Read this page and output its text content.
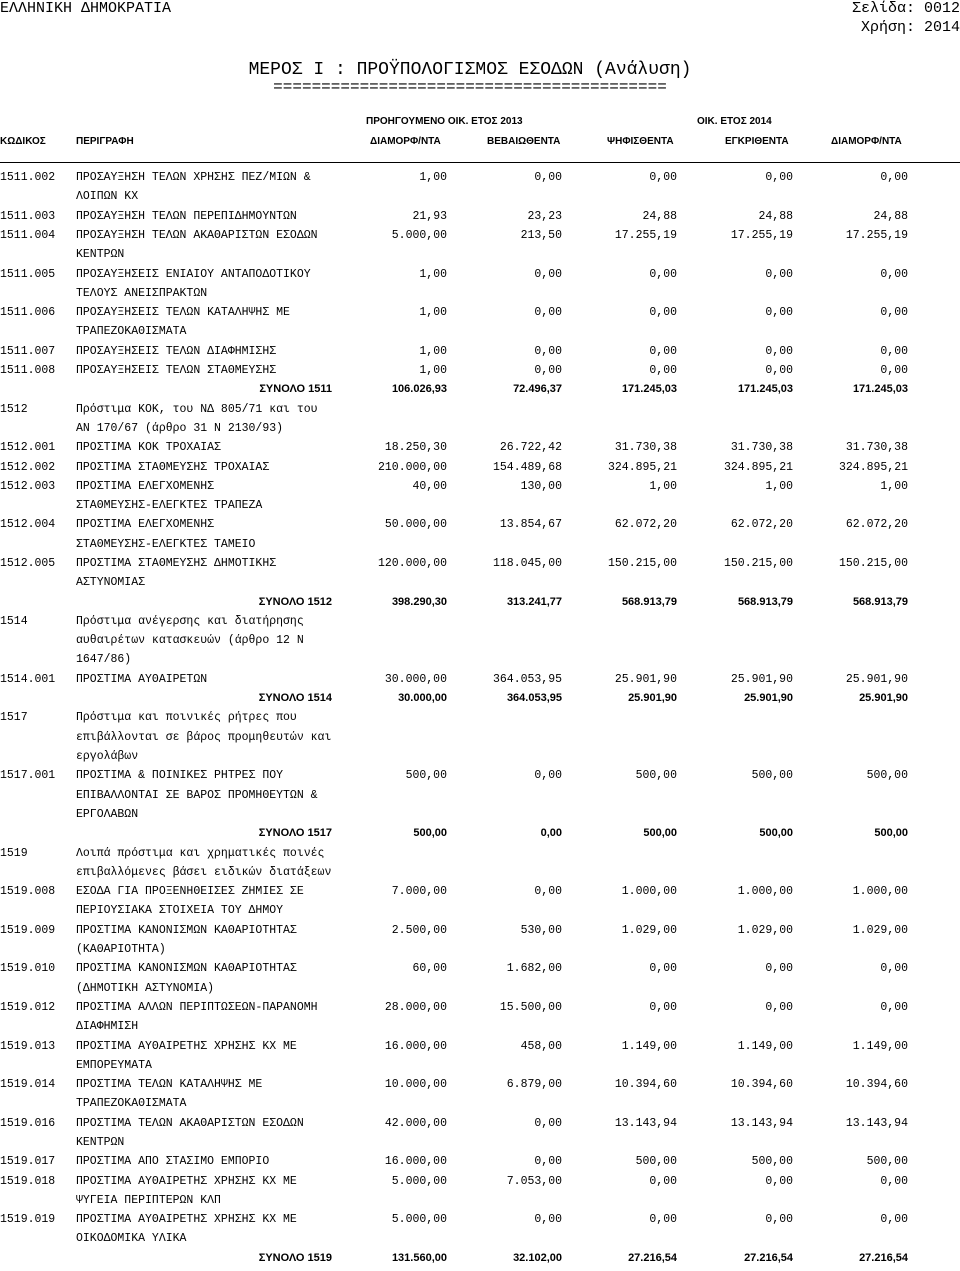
ΕΛΛΗΝΙΚΗ ΔΗΜΟΚΡΑΤΙΑ	Σελίδα: 0012
Χρήση: 2014
ΜΕΡΟΣ Ι : ΠΡΟΫΠΟΛΟΓΙΣΜΟΣ ΕΣΟΔΩΝ (Ανάλυση)
=========================================
ΠΡΟΗΓΟΥΜΕΝΟ ΟΙΚ. ΕΤΟΣ 2013	ΟΙΚ. ΕΤΟΣ 2014
ΚΩΔΙΚΟΣ	ΠΕΡΙΓΡΑΦΗ	ΔΙΑΜΟΡΦ/ΝΤΑ	ΒΕΒΑΙΩΘΕΝΤΑ	ΨΗΦΙΣΘΕΝΤΑ	ΕΓΚΡΙΘΕΝΤΑ	ΔΙΑΜΟΡΦ/ΝΤΑ
1511.002 ΠΡΟΣΑΥΞΗΣΗ ΤΕΛΩΝ ΧΡΗΣΗΣ ΠΕΖ/ΜΙΩΝ &
ΛΟΙΠΩΝ ΚΧ
1,00	0,00	0,00	0,00	0,00
1511.003 ΠΡΟΣΑΥΞΗΣΗ ΤΕΛΩΝ ΠΕΡΕΠΙΔΗΜΟΥΝΤΩΝ	21,93	23,23	24,88	24,88	24,88
1511.004 ΠΡΟΣΑΥΞΗΣΗ ΤΕΛΩΝ ΑΚΑΘΑΡΙΣΤΩΝ ΕΣΟΔΩΝ
ΚΕΝΤΡΩΝ
5.000,00	213,50	17.255,19	17.255,19	17.255,19
1511.005 ΠΡΟΣΑΥΞΗΣΕΙΣ ΕΝΙΑΙΟΥ ΑΝΤΑΠΟΔΟΤΙΚΟΥ
ΤΕΛΟΥΣ ΑΝΕΙΣΠΡΑΚΤΩΝ
1,00	0,00	0,00	0,00	0,00
1511.006 ΠΡΟΣΑΥΞΗΣΕΙΣ ΤΕΛΩΝ ΚΑΤΑΛΗΨΗΣ ΜΕ
ΤΡΑΠΕΖΟΚΑΘΙΣΜΑΤΑ
1,00	0,00	0,00	0,00	0,00
1511.007 ΠΡΟΣΑΥΞΗΣΕΙΣ ΤΕΛΩΝ ΔΙΑΦΗΜΙΣΗΣ	1,00	0,00	0,00	0,00	0,00
1511.008 ΠΡΟΣΑΥΞΗΣΕΙΣ ΤΕΛΩΝ ΣΤΑΘΜΕΥΣΗΣ	1,00	0,00	0,00	0,00	0,00
ΣΥΝΟΛΟ 1511	106.026,93	72.496,37	171.245,03	171.245,03	171.245,03
1512	Πρόστιμα ΚΟΚ, του ΝΔ 805/71 και του
ΑΝ 170/67 (άρθρο 31 Ν 2130/93)
1512.001 ΠΡΟΣΤΙΜΑ ΚΟΚ ΤΡΟΧΑΙΑΣ	18.250,30	26.722,42	31.730,38	31.730,38	31.730,38
1512.002 ΠΡΟΣΤΙΜΑ ΣΤΑΘΜΕΥΣΗΣ ΤΡΟΧΑΙΑΣ	210.000,00	154.489,68	324.895,21	324.895,21	324.895,21
1512.003 ΠΡΟΣΤΙΜΑ ΕΛΕΓΧΟΜΕΝΗΣ
ΣΤΑΘΜΕΥΣΗΣ-ΕΛΕΓΚΤΕΣ ΤΡΑΠΕΖΑ
40,00	130,00	1,00	1,00	1,00
1512.004 ΠΡΟΣΤΙΜΑ ΕΛΕΓΧΟΜΕΝΗΣ
ΣΤΑΘΜΕΥΣΗΣ-ΕΛΕΓΚΤΕΣ ΤΑΜΕΙΟ
50.000,00	13.854,67	62.072,20	62.072,20	62.072,20
1512.005 ΠΡΟΣΤΙΜΑ ΣΤΑΘΜΕΥΣΗΣ ΔΗΜΟΤΙΚΗΣ
ΑΣΤΥΝΟΜΙΑΣ
120.000,00	118.045,00	150.215,00	150.215,00	150.215,00
ΣΥΝΟΛΟ 1512	398.290,30	313.241,77	568.913,79	568.913,79	568.913,79
1514	Πρόστιμα ανέγερσης και διατήρησης
αυθαιρέτων κατασκευών (άρθρο 12 Ν
1647/86)
1514.001 ΠΡΟΣΤΙΜΑ ΑΥΘΑΙΡΕΤΩΝ	30.000,00	364.053,95	25.901,90	25.901,90	25.901,90
ΣΥΝΟΛΟ 1514	30.000,00	364.053,95	25.901,90	25.901,90	25.901,90
1517	Πρόστιμα και ποινικές ρήτρες που
επιβάλλονται σε βάρος προμηθευτών και
εργολάβων
1517.001 ΠΡΟΣΤΙΜΑ & ΠΟΙΝΙΚΕΣ ΡΗΤΡΕΣ ΠΟΥ
ΕΠΙΒΑΛΛΟΝΤΑΙ ΣΕ ΒΑΡΟΣ ΠΡΟΜΗΘΕΥΤΩΝ &
ΕΡΓΟΛΑΒΩΝ
500,00	0,00	500,00	500,00	500,00
ΣΥΝΟΛΟ 1517	500,00	0,00	500,00	500,00	500,00
1519	Λοιπά πρόστιμα και χρηματικές ποινές
επιβαλλόμενες βάσει ειδικών διατάξεων
1519.008 ΕΣΟΔΑ ΓΙΑ ΠΡΟΞΕΝΗΘΕΙΣΕΣ ΖΗΜΙΕΣ ΣΕ
ΠΕΡΙΟΥΣΙΑΚΑ ΣΤΟΙΧΕΙΑ ΤΟΥ ΔΗΜΟΥ
7.000,00	0,00	1.000,00	1.000,00	1.000,00
1519.009 ΠΡΟΣΤΙΜΑ ΚΑΝΟΝΙΣΜΩΝ ΚΑΘΑΡΙΟΤΗΤΑΣ
(ΚΑΘΑΡΙΟΤΗΤΑ)
2.500,00	530,00	1.029,00	1.029,00	1.029,00
1519.010 ΠΡΟΣΤΙΜΑ ΚΑΝΟΝΙΣΜΩΝ ΚΑΘΑΡΙΟΤΗΤΑΣ
(ΔΗΜΟΤΙΚΗ ΑΣΤΥΝΟΜΙΑ)
60,00	1.682,00	0,00	0,00	0,00
1519.012 ΠΡΟΣΤΙΜΑ ΑΛΛΩΝ ΠΕΡΙΠΤΩΣΕΩΝ-ΠΑΡΑΝΟΜΗ
ΔΙΑΦΗΜΙΣΗ
28.000,00	15.500,00	0,00	0,00	0,00
1519.013 ΠΡΟΣΤΙΜΑ ΑΥΘΑΙΡΕΤΗΣ ΧΡΗΣΗΣ ΚΧ ΜΕ
ΕΜΠΟΡΕΥΜΑΤΑ
16.000,00	458,00	1.149,00	1.149,00	1.149,00
1519.014 ΠΡΟΣΤΙΜΑ ΤΕΛΩΝ ΚΑΤΑΛΗΨΗΣ ΜΕ
ΤΡΑΠΕΖΟΚΑΘΙΣΜΑΤΑ
10.000,00	6.879,00	10.394,60	10.394,60	10.394,60
1519.016 ΠΡΟΣΤΙΜΑ ΤΕΛΩΝ ΑΚΑΘΑΡΙΣΤΩΝ ΕΣΟΔΩΝ
ΚΕΝΤΡΩΝ
42.000,00	0,00	13.143,94	13.143,94	13.143,94
1519.017 ΠΡΟΣΤΙΜΑ ΑΠΟ ΣΤΑΣΙΜΟ ΕΜΠΟΡΙΟ	16.000,00	0,00	500,00	500,00	500,00
1519.018 ΠΡΟΣΤΙΜΑ ΑΥΘΑΙΡΕΤΗΣ ΧΡΗΣΗΣ ΚΧ ΜΕ
ΨΥΓΕΙΑ ΠΕΡΙΠΤΕΡΩΝ ΚΛΠ
5.000,00	7.053,00	0,00	0,00	0,00
1519.019 ΠΡΟΣΤΙΜΑ ΑΥΘΑΙΡΕΤΗΣ ΧΡΗΣΗΣ ΚΧ ΜΕ
ΟΙΚΟΔΟΜΙΚΑ ΥΛΙΚΑ
5.000,00	0,00	0,00	0,00	0,00
ΣΥΝΟΛΟ 1519	131.560,00	32.102,00	27.216,54	27.216,54	27.216,54
